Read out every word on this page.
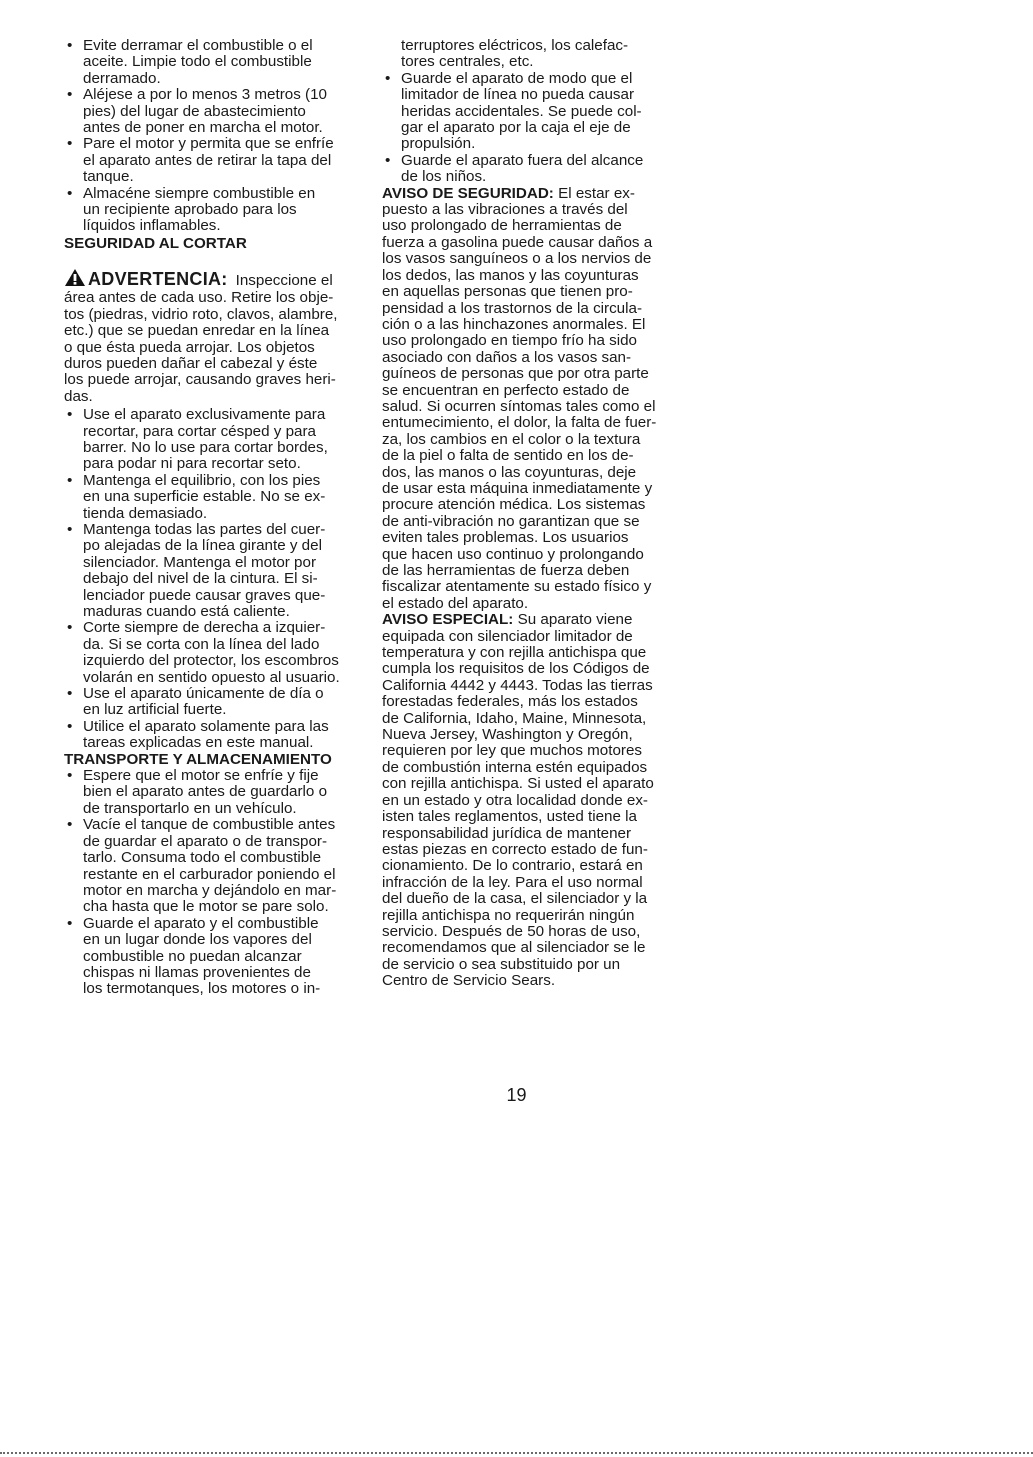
• Evite derramar el combustible o el

aceite. Limpie todo el combustible

derramado.

• Aléjese a por lo menos 3 metros (10

pies) del lugar de abastecimiento

antes de poner en marcha el motor.

• Pare el motor y permita que se enfríe

el aparato antes de retirar la tapa del

tanque.

• Almacéne siempre combustible en

un recipiente aprobado para los

líquidos inflamables.

SEGURIDAD AL CORTAR

ADVERTENCIA: Inspeccione el

área antes de cada uso. Retire los obje-

tos (piedras, vidrio roto, clavos, alambre,

etc.) que se puedan enredar en la línea

o que ésta pueda arrojar. Los objetos

duros pueden dañar el cabezal y éste

los puede arrojar, causando graves heri-

das.

• Use el aparato exclusivamente para

recortar, para cortar césped y para

barrer. No lo use para cortar bordes,

para podar ni para recortar seto.

• Mantenga el equilibrio, con los pies

en una superficie estable. No se ex-

tienda demasiado.

• Mantenga todas las partes del cuer-

po alejadas de la línea girante y del

silenciador. Mantenga el motor por

debajo del nivel de la cintura. El si-

lenciador puede causar graves que-

maduras cuando está caliente.

• Corte siempre de derecha a izquier-

da. Si se corta con la línea del lado

izquierdo del protector, los escombros

volarán en sentido opuesto al usuario.

• Use el aparato únicamente de día o

en luz artificial fuerte.

• Utilice el aparato solamente para las

tareas explicadas en este manual.

TRANSPORTE Y ALMACENAMIENTO

• Espere que el motor se enfríe y fije

bien el aparato antes de guardarlo o

de transportarlo en un vehículo.

• Vacíe el tanque de combustible antes

de guardar el aparato o de transpor-

tarlo. Consuma todo el combustible

restante en el carburador poniendo el

motor en marcha y dejándolo en mar-

cha hasta que le motor se pare solo.

• Guarde el aparato y el combustible

en un lugar donde los vapores del

combustible no puedan alcanzar

chispas ni llamas provenientes de

los termotanques, los motores o in-

terruptores eléctricos, los calefac-

tores centrales, etc.

• Guarde el aparato de modo que el

limitador de línea no pueda causar

heridas accidentales. Se puede col-

gar el aparato por la caja el eje de

propulsión.

• Guarde el aparato fuera del alcance

de los niños.

AVISO DE SEGURIDAD: El estar ex-

puesto a las vibraciones a través del

uso prolongado de herramientas de

fuerza a gasolina puede causar daños a

los vasos sanguíneos o a los nervios de

los dedos, las manos y las coyunturas

en aquellas personas que tienen pro-

pensidad a los trastornos de la circula-

ción o a las hinchazones anormales. El

uso prolongado en tiempo frío ha sido

asociado con daños a los vasos san-

guíneos de personas que por otra parte

se encuentran en perfecto estado de

salud. Si ocurren síntomas tales como el

entumecimiento, el dolor, la falta de fuer-

za, los cambios en el color o la textura

de la piel o falta de sentido en los de-

dos, las manos o las coyunturas, deje

de usar esta máquina inmediatamente y

procure atención médica. Los sistemas

de anti-vibración no garantizan que se

eviten tales problemas. Los usuarios

que hacen uso continuo y prolongando

de las herramientas de fuerza deben

fiscalizar atentamente su estado físico y

el estado del aparato.

AVISO ESPECIAL: Su aparato viene

equipada con silenciador limitador de

temperatura y con rejilla antichispa que

cumpla los requisitos de los Códigos de

California 4442 y 4443. Todas las tierras

forestadas federales, más los estados

de California, Idaho, Maine, Minnesota,

Nueva Jersey, Washington y Oregón,

requieren por ley que muchos motores

de combustión interna estén equipados

con rejilla antichispa. Si usted el aparato

en un estado y otra localidad donde ex-

isten tales reglamentos, usted tiene la

responsabilidad jurídica de mantener

estas piezas en correcto estado de fun-

cionamiento. De lo contrario, estará en

infracción de la ley. Para el uso normal

del dueño de la casa, el silenciador y la

rejilla antichispa no requerirán ningún

servicio. Después de 50 horas de uso,

recomendamos que al silenciador se le

de servicio o sea substituido por un

Centro de Servicio Sears.

19
